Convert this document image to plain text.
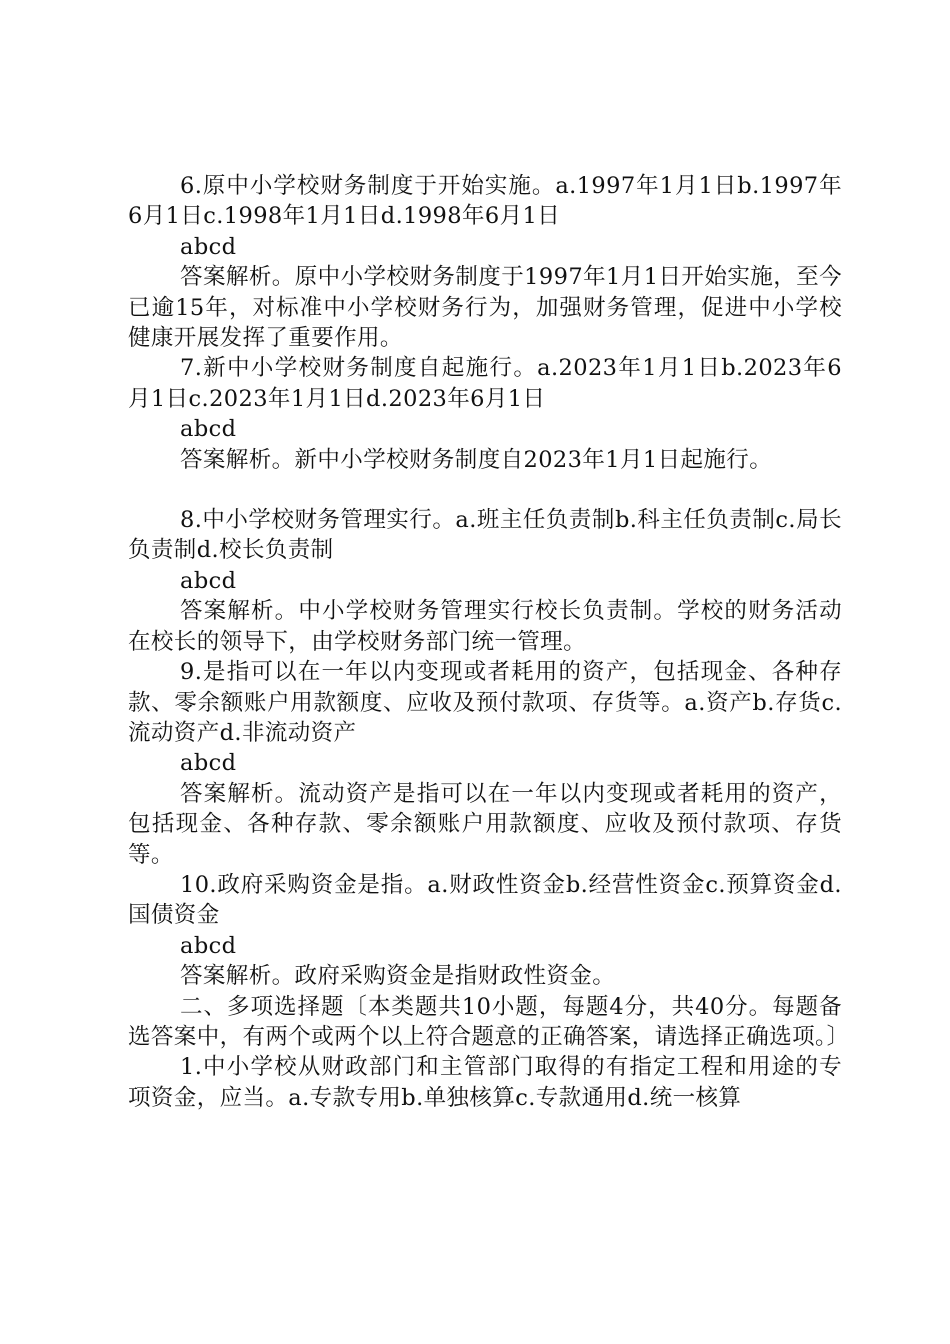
6.原中小学校财务制度于开始实施。a.1997年1月1日b.1997年6月1日c.1998年1月1日d.1998年6月1日

abcd

答案解析。原中小学校财务制度于1997年1月1日开始实施，至今已逾15年，对标准中小学校财务行为，加强财务管理，促进中小学校健康开展发挥了重要作用。

7.新中小学校财务制度自起施行。a.2023年1月1日b.2023年6月1日c.2023年1月1日d.2023年6月1日

abcd

答案解析。新中小学校财务制度自2023年1月1日起施行。

8.中小学校财务管理实行。a.班主任负责制b.科主任负责制c.局长负责制d.校长负责制

abcd

答案解析。中小学校财务管理实行校长负责制。学校的财务活动在校长的领导下，由学校财务部门统一管理。

9.是指可以在一年以内变现或者耗用的资产，包括现金、各种存款、零余额账户用款额度、应收及预付款项、存货等。a.资产b.存货c.流动资产d.非流动资产

abcd

答案解析。流动资产是指可以在一年以内变现或者耗用的资产，包括现金、各种存款、零余额账户用款额度、应收及预付款项、存货等。

10.政府采购资金是指。a.财政性资金b.经营性资金c.预算资金d.国债资金

abcd

答案解析。政府采购资金是指财政性资金。

二、多项选择题〔本类题共10小题，每题4分，共40分。每题备选答案中，有两个或两个以上符合题意的正确答案，请选择正确选项。〕

1.中小学校从财政部门和主管部门取得的有指定工程和用途的专项资金，应当。a.专款专用b.单独核算c.专款通用d.统一核算
